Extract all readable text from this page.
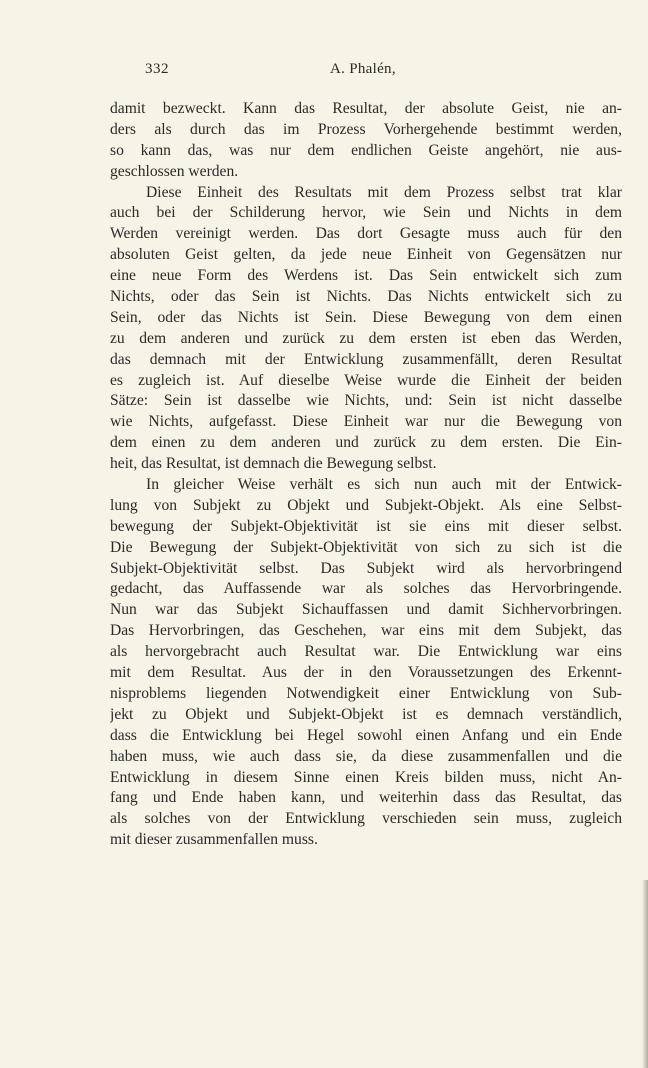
332	A. Phalén,
damit bezweckt. Kann das Resultat, der absolute Geist, nie an-
ders als durch das im Prozess Vorhergehende bestimmt werden,
so kann das, was nur dem endlichen Geiste angehört, nie aus-
geschlossen werden.
Diese Einheit des Resultats mit dem Prozess selbst trat klar
auch bei der Schilderung hervor, wie Sein und Nichts in dem
Werden vereinigt werden. Das dort Gesagte muss auch für den
absoluten Geist gelten, da jede neue Einheit von Gegensätzen nur
eine neue Form des Werdens ist. Das Sein entwickelt sich zum
Nichts, oder das Sein ist Nichts. Das Nichts entwickelt sich zu
Sein, oder das Nichts ist Sein. Diese Bewegung von dem einen
zu dem anderen und zurück zu dem ersten ist eben das Werden,
das demnach mit der Entwicklung zusammenfällt, deren Resultat
es zugleich ist. Auf dieselbe Weise wurde die Einheit der beiden
Sätze: Sein ist dasselbe wie Nichts, und: Sein ist nicht dasselbe
wie Nichts, aufgefasst. Diese Einheit war nur die Bewegung von
dem einen zu dem anderen und zurück zu dem ersten. Die Ein-
heit, das Resultat, ist demnach die Bewegung selbst.
In gleicher Weise verhält es sich nun auch mit der Entwick-
lung von Subjekt zu Objekt und Subjekt-Objekt. Als eine Selbst-
bewegung der Subjekt-Objektivität ist sie eins mit dieser selbst.
Die Bewegung der Subjekt-Objektivität von sich zu sich ist die
Subjekt-Objektivität selbst. Das Subjekt wird als hervorbringend
gedacht, das Auffassende war als solches das Hervorbringende.
Nun war das Subjekt Sichauffassen und damit Sichhervorbringen.
Das Hervorbringen, das Geschehen, war eins mit dem Subjekt, das
als hervorgebracht auch Resultat war. Die Entwicklung war eins
mit dem Resultat. Aus der in den Voraussetzungen des Erkennt-
nisproblems liegenden Notwendigkeit einer Entwicklung von Sub-
jekt zu Objekt und Subjekt-Objekt ist es demnach verständlich,
dass die Entwicklung bei Hegel sowohl einen Anfang und ein Ende
haben muss, wie auch dass sie, da diese zusammenfallen und die
Entwicklung in diesem Sinne einen Kreis bilden muss, nicht An-
fang und Ende haben kann, und weiterhin dass das Resultat, das
als solches von der Entwicklung verschieden sein muss, zugleich
mit dieser zusammenfallen muss.
